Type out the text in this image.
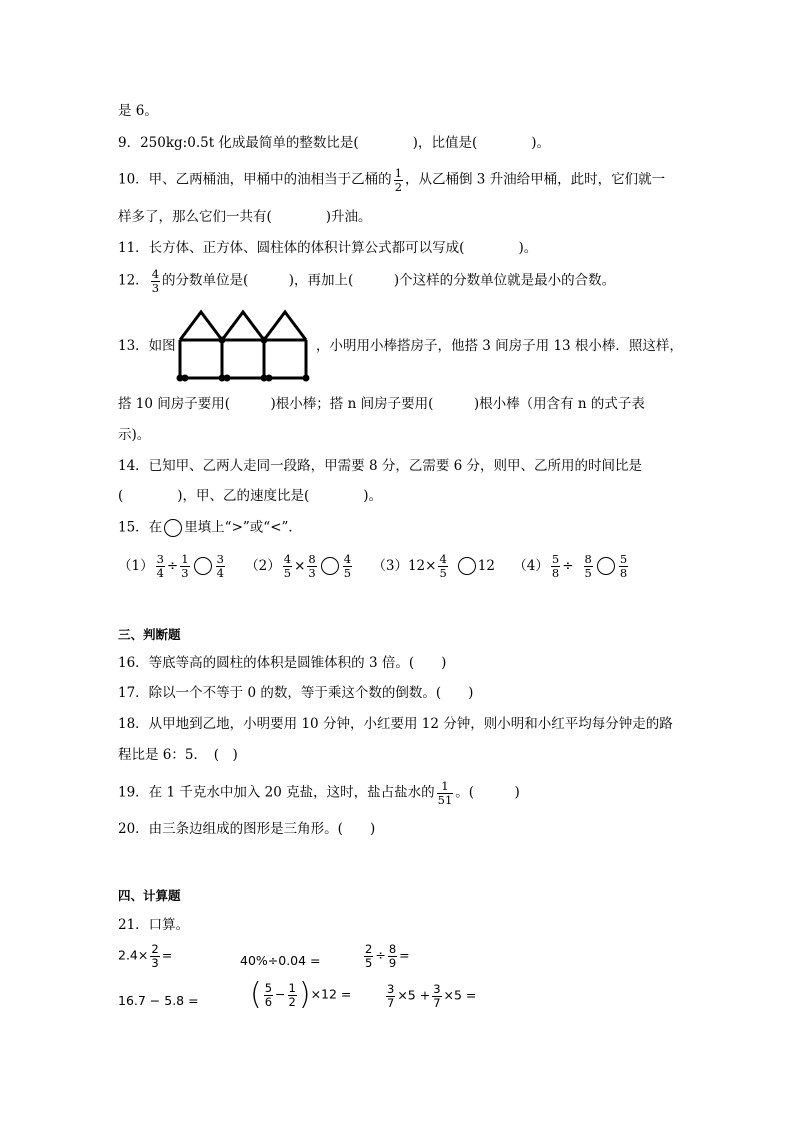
是 6。
9．250kg:0.5t 化成最简单的整数比是(　　　　)，比值是(　　　　)。
10．甲、乙两桶油，甲桶中的油相当于乙桶的 $\frac{1}{2}$ ，从乙桶倒 3 升油给甲桶，此时，它们就一
样多了，那么它们一共有(　　　　)升油。
11．长方体、正方体、圆柱体的体积计算公式都可以写成(　　　　)。
12． $\frac{4}{3}$ 的分数单位是(　　　)，再加上(　　　)个这样的分数单位就是最小的合数。
13．如图	，小明用小棒搭房子，他搭 3 间房子用 13 根小棒．照这样，
搭 10 间房子要用(　　　)根小棒；搭 n 间房子要用(　　　)根小棒（用含有 n 的式子表
示)。
14．已知甲、乙两人走同一段路，甲需要 8 分，乙需要 6 分，则甲、乙所用的时间比是
(　　　　)，甲、乙的速度比是(　　　　)。
15．在 里填上“>”或“<”．
$(1) \frac{3}{4} \div \frac{1}{3} \frac{3}{4} (2) \frac{4}{5} \times \frac{8}{3} \frac{4}{5} (3)12\times \frac{4}{5} 12$ $(4) \frac{5}{8} \div \frac{8}{5} \frac{5}{8}$
三、判断题
16．等底等高的圆柱的体积是圆锥体积的 3 倍。(　　)
17．除以一个不等于 0 的数，等于乘这个数的倒数。(　　)
18．从甲地到乙地，小明要用 10 分钟，小红要用 12 分钟，则小明和小红平均每分钟走的路
程比是 6：5．　(　)
19．在 1 千克水中加入 20 克盐，这时，盐占盐水的 $\frac{1}{51}$ 。(　　　)
20．由三条边组成的图形是三角形。(　　)
四、计算题
21．口算。
$2.4\times \frac{2}{3}$ =	40%÷0.04 =	$\frac{2}{5} \div \frac{8}{9}$ =
16.7 − 5.8 = ( $\frac{5}{6} - \frac{1}{2} )\times 12$ =	$\frac{3}{7} \times 5 + \frac{3}{7} \times 5$ =
